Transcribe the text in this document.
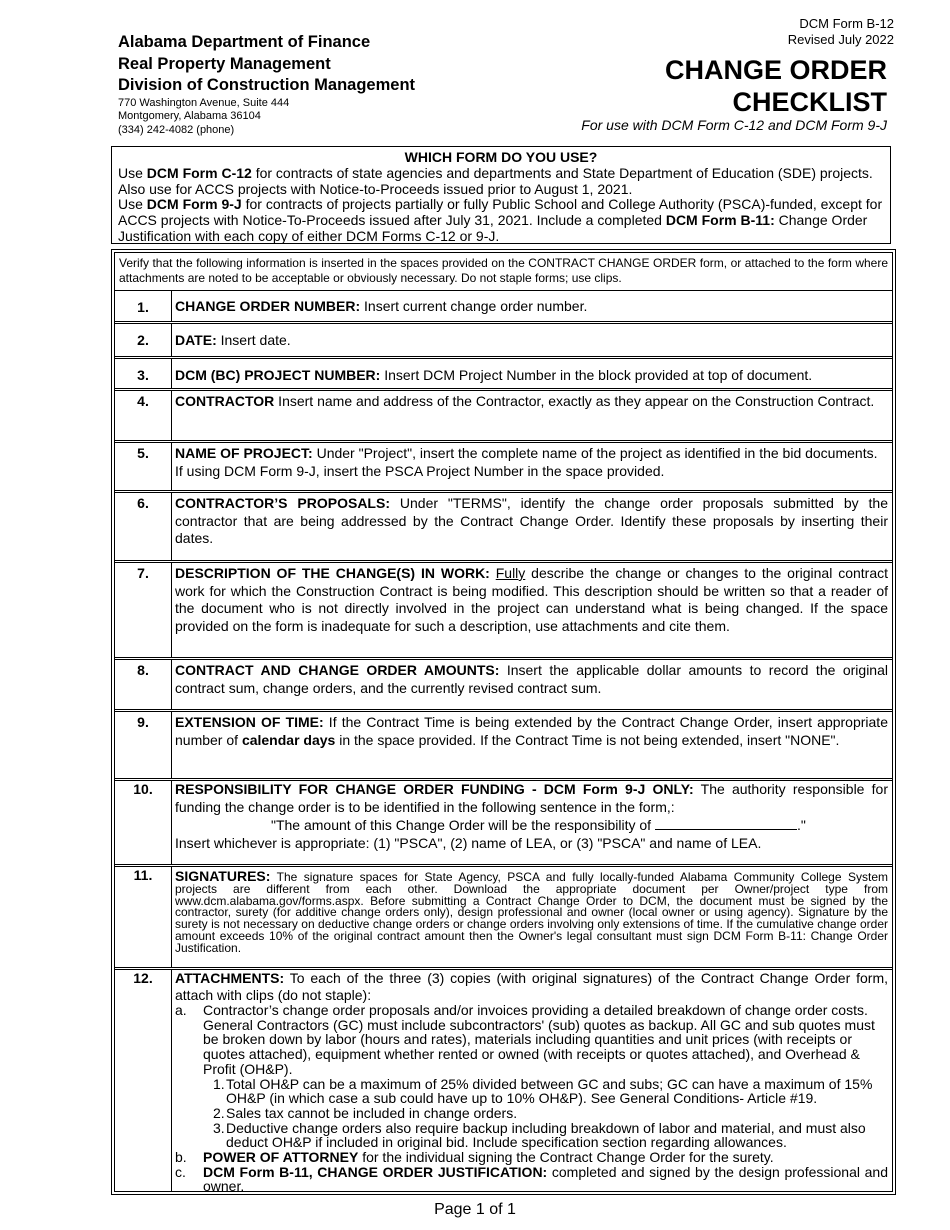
Alabama Department of Finance
Real Property Management
Division of Construction Management
770 Washington Avenue, Suite 444
Montgomery, Alabama 36104
(334) 242-4082 (phone)
DCM Form B-12
Revised July 2022
CHANGE ORDER
CHECKLIST
For use with DCM Form C-12 and DCM Form 9-J
WHICH FORM DO YOU USE?
Use DCM Form C-12 for contracts of state agencies and departments and State Department of Education (SDE) projects. Also use for ACCS projects with Notice-to-Proceeds issued prior to August 1, 2021.
Use DCM Form 9-J for contracts of projects partially or fully Public School and College Authority (PSCA)-funded, except for ACCS projects with Notice-To-Proceeds issued after July 31, 2021. Include a completed DCM Form B-11: Change Order Justification with each copy of either DCM Forms C-12 or 9-J.
Verify that the following information is inserted in the spaces provided on the CONTRACT CHANGE ORDER form, or attached to the form where attachments are noted to be acceptable or obviously necessary. Do not staple forms; use clips.
1.	CHANGE ORDER NUMBER: Insert current change order number.
2.	DATE: Insert date.
3.	DCM (BC) PROJECT NUMBER: Insert DCM Project Number in the block provided at top of document.
4.	CONTRACTOR Insert name and address of the Contractor, exactly as they appear on the Construction Contract.
5.	NAME OF PROJECT: Under "Project", insert the complete name of the project as identified in the bid documents. If using DCM Form 9-J, insert the PSCA Project Number in the space provided.
6.	CONTRACTOR’S PROPOSALS: Under "TERMS", identify the change order proposals submitted by the contractor that are being addressed by the Contract Change Order. Identify these proposals by inserting their dates.
7.	DESCRIPTION OF THE CHANGE(S) IN WORK: Fully describe the change or changes to the original contract work for which the Construction Contract is being modified. This description should be written so that a reader of the document who is not directly involved in the project can understand what is being changed. If the space provided on the form is inadequate for such a description, use attachments and cite them.
8.	CONTRACT AND CHANGE ORDER AMOUNTS: Insert the applicable dollar amounts to record the original contract sum, change orders, and the currently revised contract sum.
9.	EXTENSION OF TIME: If the Contract Time is being extended by the Contract Change Order, insert appropriate number of calendar days in the space provided. If the Contract Time is not being extended, insert "NONE".
10.	RESPONSIBILITY FOR CHANGE ORDER FUNDING - DCM Form 9-J ONLY: The authority responsible for funding the change order is to be identified in the following sentence in the form,:
"The amount of this Change Order will be the responsibility of	."
Insert whichever is appropriate: (1) "PSCA", (2) name of LEA, or (3) "PSCA" and name of LEA.
11.	SIGNATURES: The signature spaces for State Agency, PSCA and fully locally-funded Alabama Community College System projects are different from each other. Download the appropriate document per Owner/project type from www.dcm.alabama.gov/forms.aspx. Before submitting a Contract Change Order to DCM, the document must be signed by the contractor, surety (for additive change orders only), design professional and owner (local owner or using agency). Signature by the surety is not necessary on deductive change orders or change orders involving only extensions of time. If the cumulative change order amount exceeds 10% of the original contract amount then the Owner's legal consultant must sign DCM Form B-11: Change Order Justification.
12.	ATTACHMENTS: To each of the three (3) copies (with original signatures) of the Contract Change Order form, attach with clips (do not staple):
a. Contractor’s change order proposals and/or invoices providing a detailed breakdown of change order costs. General Contractors (GC) must include subcontractors' (sub) quotes as backup. All GC and sub quotes must be broken down by labor (hours and rates), materials including quantities and unit prices (with receipts or quotes attached), equipment whether rented or owned (with receipts or quotes attached), and Overhead & Profit (OH&P).
1. Total OH&P can be a maximum of 25% divided between GC and subs; GC can have a maximum of 15% OH&P (in which case a sub could have up to 10% OH&P). See General Conditions- Article #19.
2. Sales tax cannot be included in change orders.
3. Deductive change orders also require backup including breakdown of labor and material, and must also deduct OH&P if included in original bid. Include specification section regarding allowances.
b. POWER OF ATTORNEY for the individual signing the Contract Change Order for the surety.
c. DCM Form B-11, CHANGE ORDER JUSTIFICATION: completed and signed by the design professional and owner.
Page 1 of 1
